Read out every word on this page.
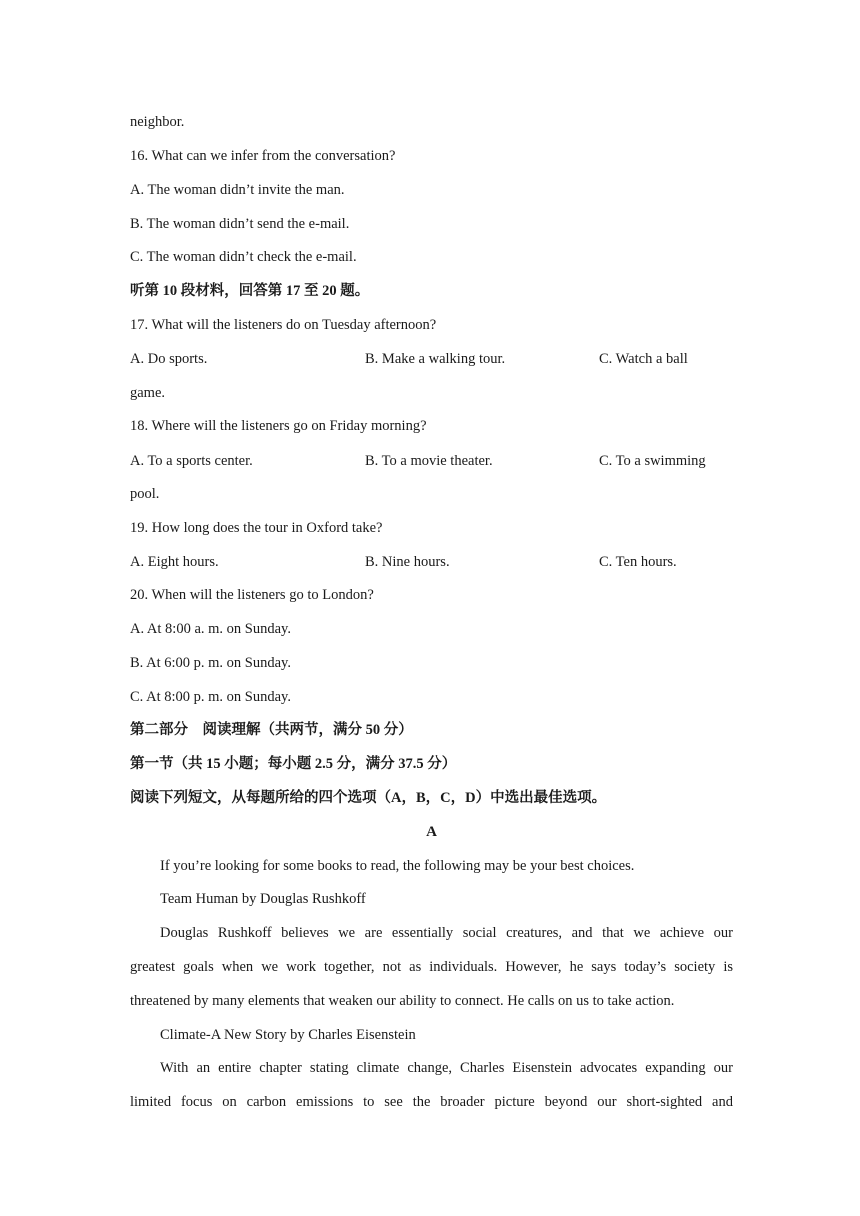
neighbor.
16. What can we infer from the conversation?
A. The woman didn’t invite the man.
B. The woman didn’t send the e-mail.
C. The woman didn’t check the e-mail.
听第 10 段材料，回答第 17 至 20 题。
17. What will the listeners do on Tuesday afternoon?
A. Do sports.	B. Make a walking tour.	C. Watch a ball
game.
18. Where will the listeners go on Friday morning?
A. To a sports center.	B. To a movie theater.	C. To a swimming
pool.
19. How long does the tour in Oxford take?
A. Eight hours.	B. Nine hours.	C. Ten hours.
20. When will the listeners go to London?
A. At 8:00 a. m. on Sunday.
B. At 6:00 p. m. on Sunday.
C. At 8:00 p. m. on Sunday.
第二部分　阅读理解（共两节，满分 50 分）
第一节（共 15 小题；每小题 2.5 分，满分 37.5 分）
阅读下列短文，从每题所给的四个选项（A，B，C，D）中选出最佳选项。
A
If you’re looking for some books to read, the following may be your best choices.
Team Human by Douglas Rushkoff
Douglas Rushkoff believes we are essentially social creatures, and that we achieve our
greatest goals when we work together, not as individuals. However, he says today’s society is
threatened by many elements that weaken our ability to connect. He calls on us to take action.
Climate-A New Story by Charles Eisenstein
With an entire chapter stating climate change, Charles Eisenstein advocates expanding our
limited focus on carbon emissions to see the broader picture beyond our short-sighted and
